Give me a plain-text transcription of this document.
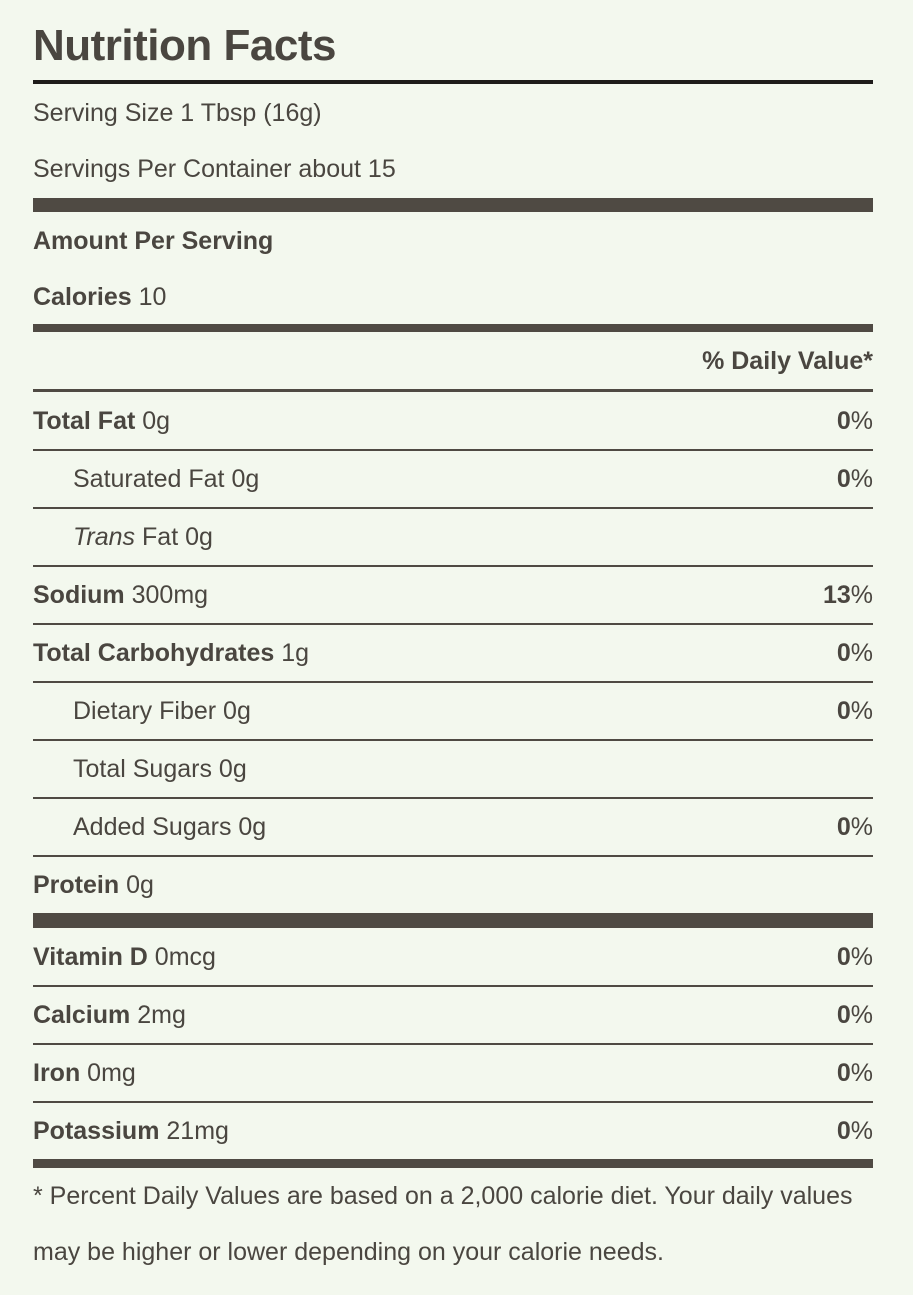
Nutrition Facts
Serving Size 1 Tbsp (16g)
Servings Per Container about 15
Amount Per Serving
Calories 10
% Daily Value*
Total Fat 0g	0%
Saturated Fat 0g	0%
Trans Fat 0g
Sodium 300mg	13%
Total Carbohydrates 1g	0%
Dietary Fiber 0g	0%
Total Sugars 0g
Added Sugars 0g	0%
Protein 0g
Vitamin D 0mcg	0%
Calcium 2mg	0%
Iron 0mg	0%
Potassium 21mg	0%
* Percent Daily Values are based on a 2,000 calorie diet. Your daily values may be higher or lower depending on your calorie needs.
